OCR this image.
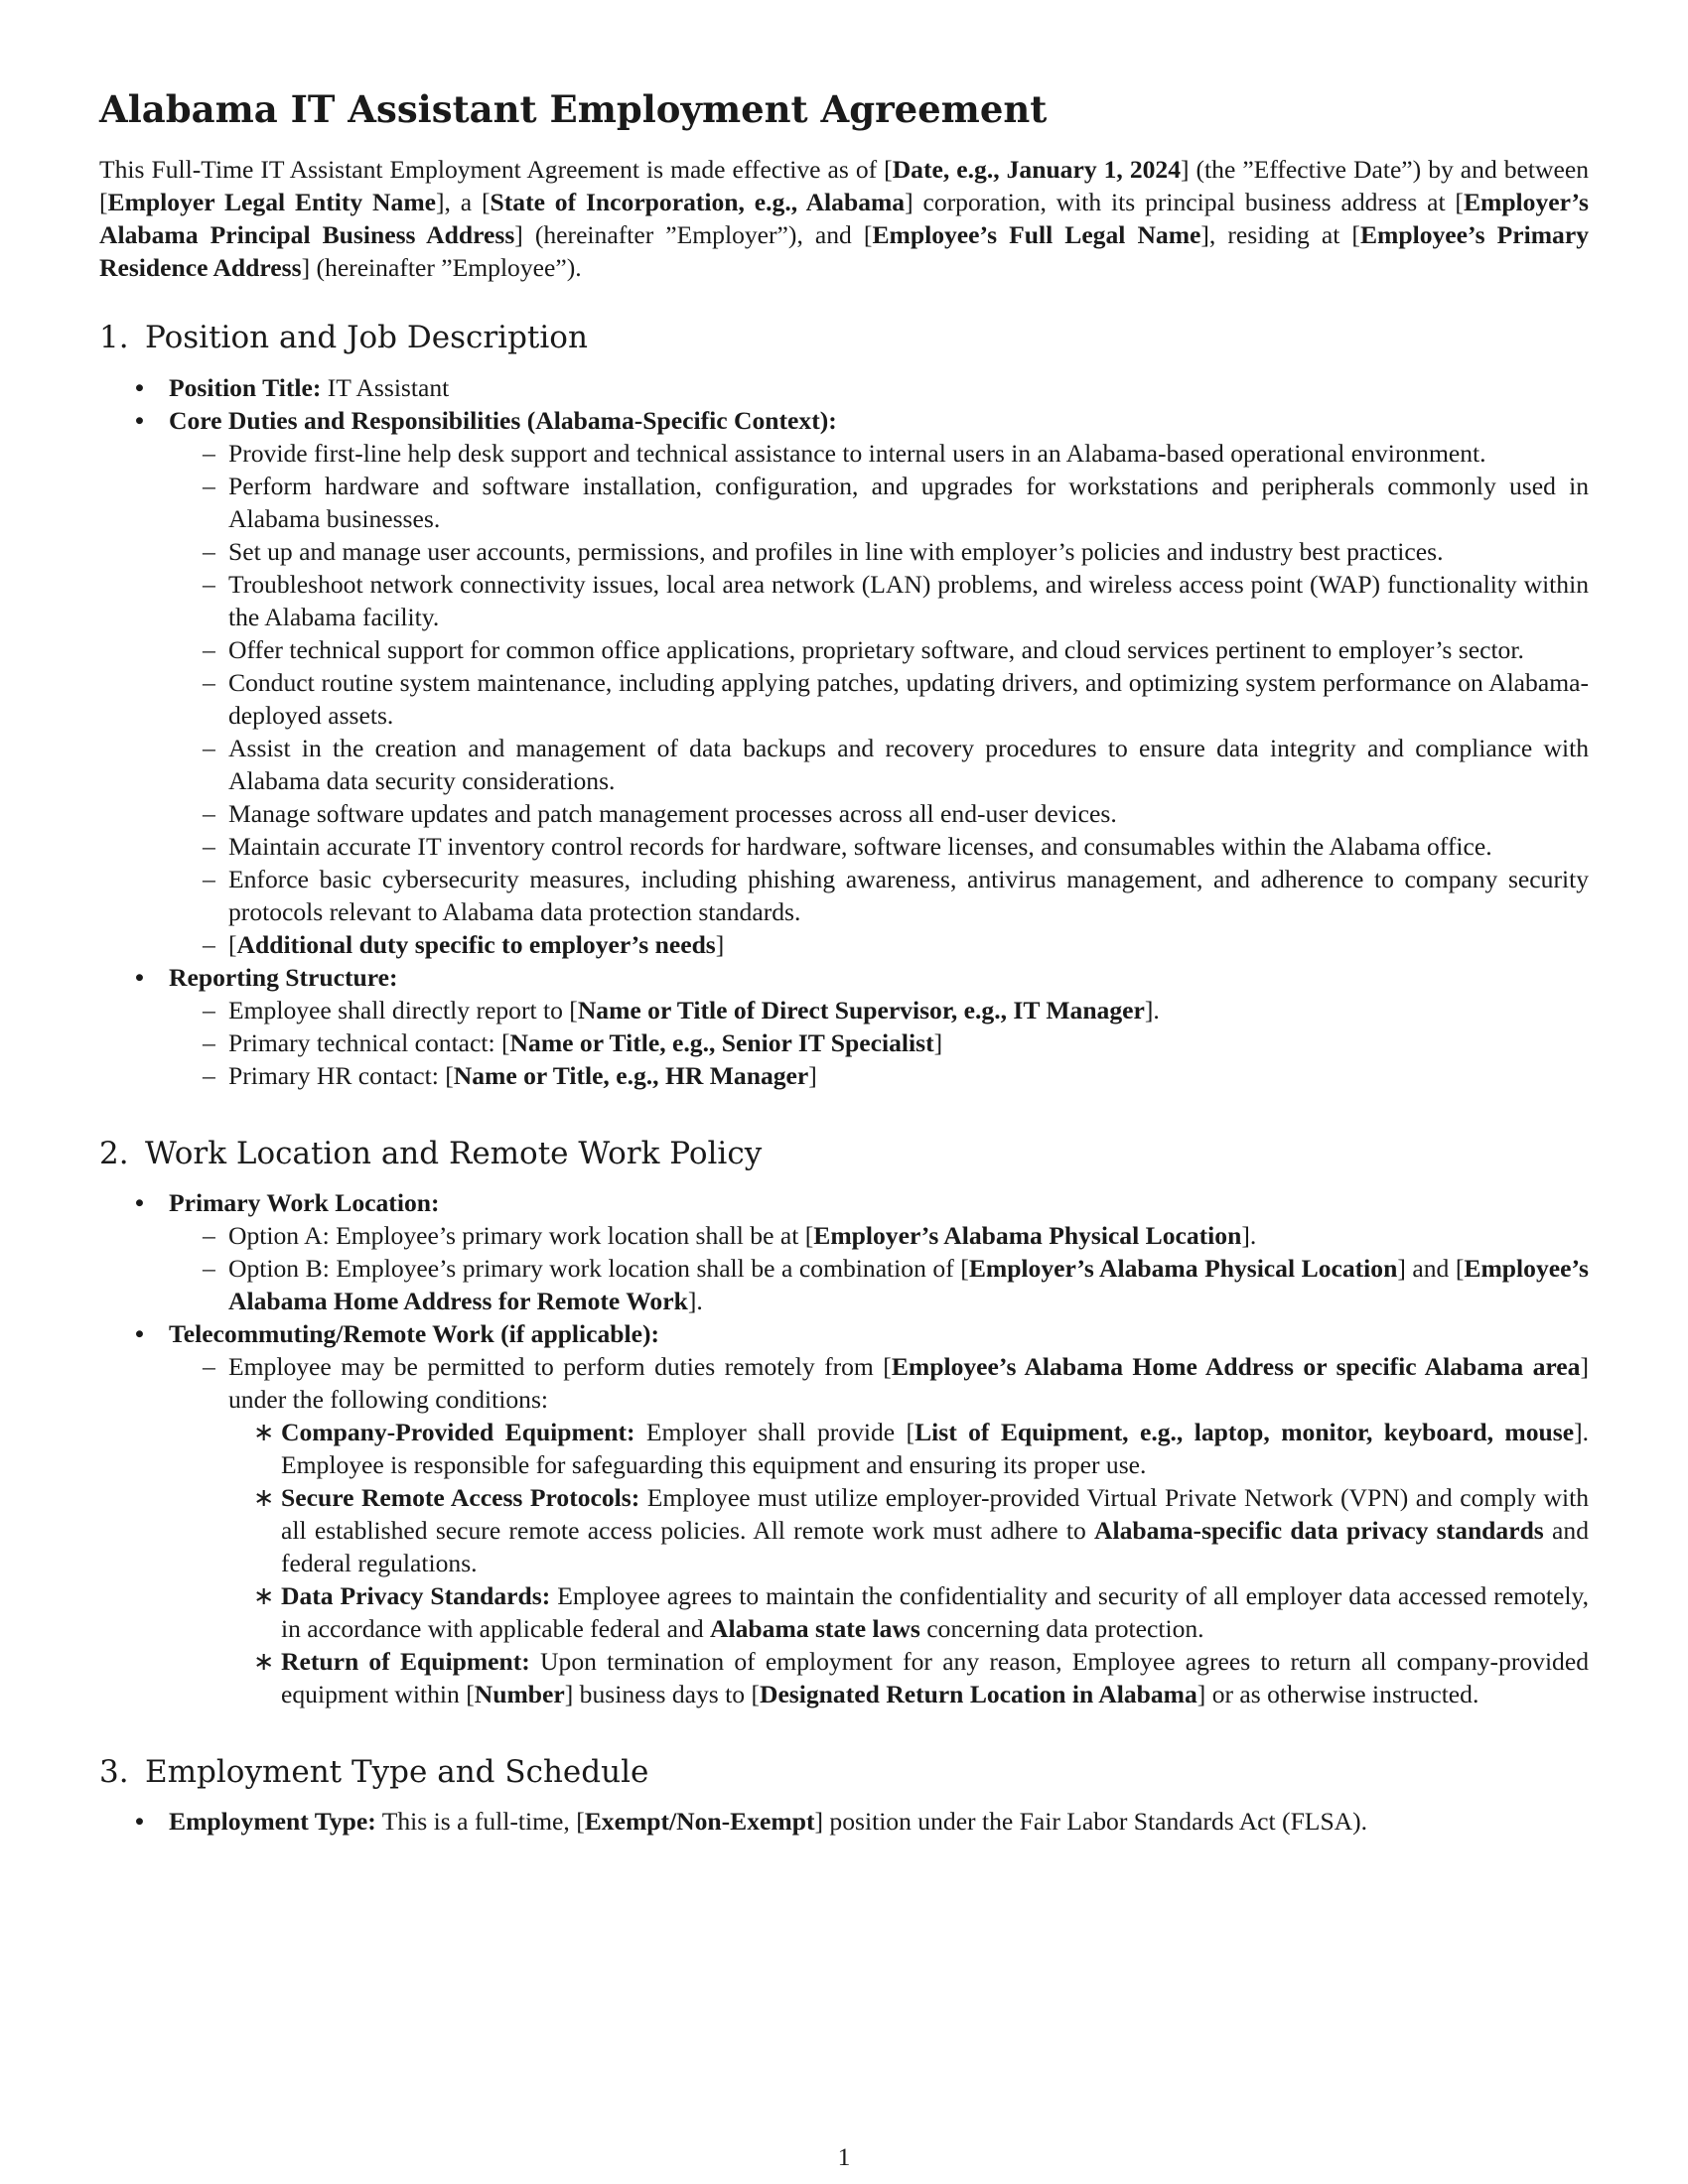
Alabama IT Assistant Employment Agreement

This Full-Time IT Assistant Employment Agreement is made effective as of [Date, e.g., January 1, 2024] (the ”Effective Date”) by and between [Employer Legal Entity Name], a [State of Incorporation, e.g., Alabama] corporation, with its principal business address at [Employer’s Alabama Principal Business Address] (hereinafter ”Employer”), and [Employee’s Full Legal Name], residing at [Employee’s Primary Residence Address] (hereinafter ”Employee”).

1. Position and Job Description
• Position Title: IT Assistant
• Core Duties and Responsibilities (Alabama-Specific Context):
– Provide first-line help desk support and technical assistance to internal users in an Alabama-based operational environment.
– Perform hardware and software installation, configuration, and upgrades for workstations and peripherals commonly used in Alabama businesses.
– Set up and manage user accounts, permissions, and profiles in line with employer’s policies and industry best practices.
– Troubleshoot network connectivity issues, local area network (LAN) problems, and wireless access point (WAP) functionality within the Alabama facility.
– Offer technical support for common office applications, proprietary software, and cloud services pertinent to employer’s sector.
– Conduct routine system maintenance, including applying patches, updating drivers, and optimizing system performance on Alabama-deployed assets.
– Assist in the creation and management of data backups and recovery procedures to ensure data integrity and compliance with Alabama data security considerations.
– Manage software updates and patch management processes across all end-user devices.
– Maintain accurate IT inventory control records for hardware, software licenses, and consumables within the Alabama office.
– Enforce basic cybersecurity measures, including phishing awareness, antivirus management, and adherence to company security protocols relevant to Alabama data protection standards.
– [Additional duty specific to employer’s needs]
• Reporting Structure:
– Employee shall directly report to [Name or Title of Direct Supervisor, e.g., IT Manager].
– Primary technical contact: [Name or Title, e.g., Senior IT Specialist]
– Primary HR contact: [Name or Title, e.g., HR Manager]
2. Work Location and Remote Work Policy
• Primary Work Location:
– Option A: Employee’s primary work location shall be at [Employer’s Alabama Physical Location].
– Option B: Employee’s primary work location shall be a combination of [Employer’s Alabama Physical Location] and [Employee’s Alabama Home Address for Remote Work].
• Telecommuting/Remote Work (if applicable):
– Employee may be permitted to perform duties remotely from [Employee’s Alabama Home Address or specific Alabama area] under the following conditions:
∗ Company-Provided Equipment: Employer shall provide [List of Equipment, e.g., laptop, monitor, keyboard, mouse]. Employee is responsible for safeguarding this equipment and ensuring its proper use.
∗ Secure Remote Access Protocols: Employee must utilize employer-provided Virtual Private Network (VPN) and comply with all established secure remote access policies. All remote work must adhere to Alabama-specific data privacy standards and federal regulations.
∗ Data Privacy Standards: Employee agrees to maintain the confidentiality and security of all employer data accessed remotely, in accordance with applicable federal and Alabama state laws concerning data protection.
∗ Return of Equipment: Upon termination of employment for any reason, Employee agrees to return all company-provided equipment within [Number] business days to [Designated Return Location in Alabama] or as otherwise instructed.
3. Employment Type and Schedule
• Employment Type: This is a full-time, [Exempt/Non-Exempt] position under the Fair Labor Standards Act (FLSA).
1
